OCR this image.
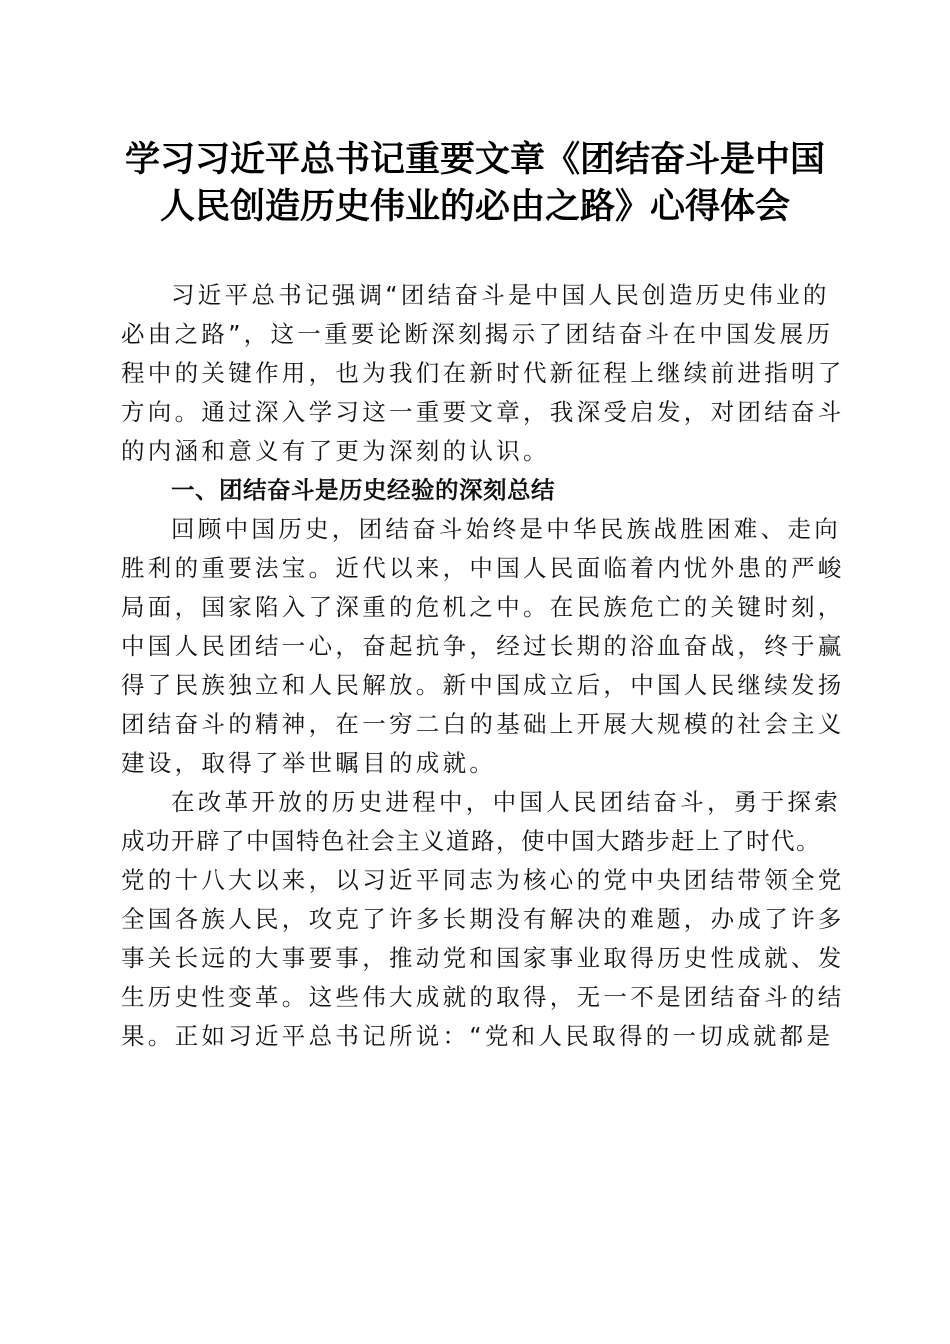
学习习近平总书记重要文章《团结奋斗是中国
人民创造历史伟业的必由之路》心得体会
习近平总书记强调“团结奋斗是中国人民创造历史伟业的
必由之路”，这一重要论断深刻揭示了团结奋斗在中国发展历
程中的关键作用，也为我们在新时代新征程上继续前进指明了
方向。通过深入学习这一重要文章，我深受启发，对团结奋斗
的内涵和意义有了更为深刻的认识。
一、团结奋斗是历史经验的深刻总结
回顾中国历史，团结奋斗始终是中华民族战胜困难、走向
胜利的重要法宝。近代以来，中国人民面临着内忧外患的严峻
局面，国家陷入了深重的危机之中。在民族危亡的关键时刻，
中国人民团结一心，奋起抗争，经过长期的浴血奋战，终于赢
得了民族独立和人民解放。新中国成立后，中国人民继续发扬
团结奋斗的精神，在一穷二白的基础上开展大规模的社会主义
建设，取得了举世瞩目的成就。
在改革开放的历史进程中，中国人民团结奋斗，勇于探索
成功开辟了中国特色社会主义道路，使中国大踏步赶上了时代。
党的十八大以来，以习近平同志为核心的党中央团结带领全党
全国各族人民，攻克了许多长期没有解决的难题，办成了许多
事关长远的大事要事，推动党和国家事业取得历史性成就、发
生历史性变革。这些伟大成就的取得，无一不是团结奋斗的结
果。正如习近平总书记所说：“党和人民取得的一切成就都是
